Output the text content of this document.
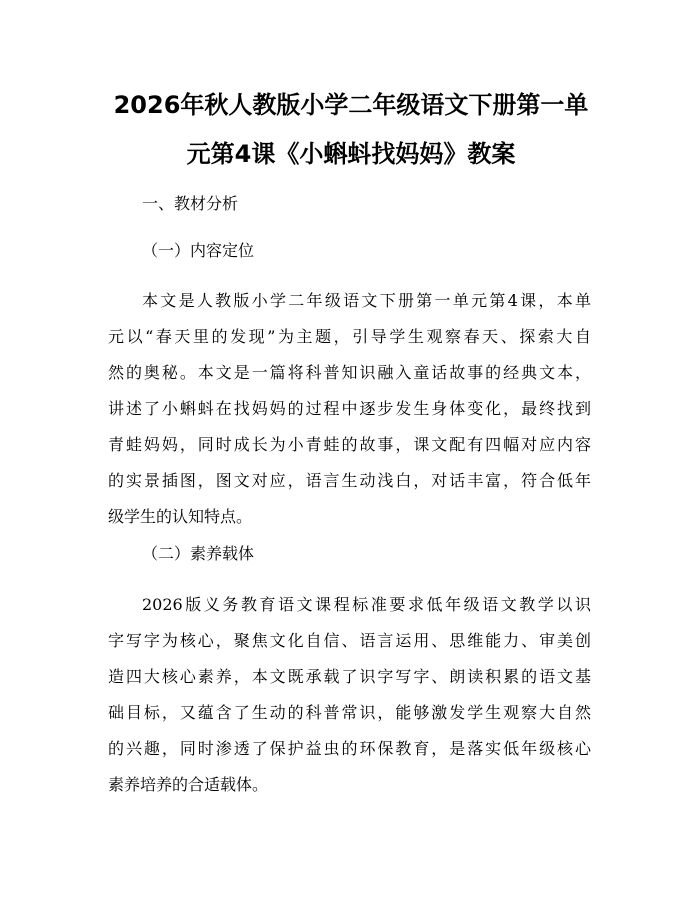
2026年秋人教版小学二年级语文下册第一单
元第4课《小蝌蚪找妈妈》教案

一、教材分析

（一）内容定位

本文是人教版小学二年级语文下册第一单元第4课，本单
元以“春天里的发现”为主题，引导学生观察春天、探索大自
然的奥秘。本文是一篇将科普知识融入童话故事的经典文本，
讲述了小蝌蚪在找妈妈的过程中逐步发生身体变化，最终找到
青蛙妈妈，同时成长为小青蛙的故事，课文配有四幅对应内容
的实景插图，图文对应，语言生动浅白，对话丰富，符合低年
级学生的认知特点。

（二）素养载体

2026版义务教育语文课程标准要求低年级语文教学以识
字写字为核心，聚焦文化自信、语言运用、思维能力、审美创
造四大核心素养，本文既承载了识字写字、朗读积累的语文基
础目标，又蕴含了生动的科普常识，能够激发学生观察大自然
的兴趣，同时渗透了保护益虫的环保教育，是落实低年级核心
素养培养的合适载体。
